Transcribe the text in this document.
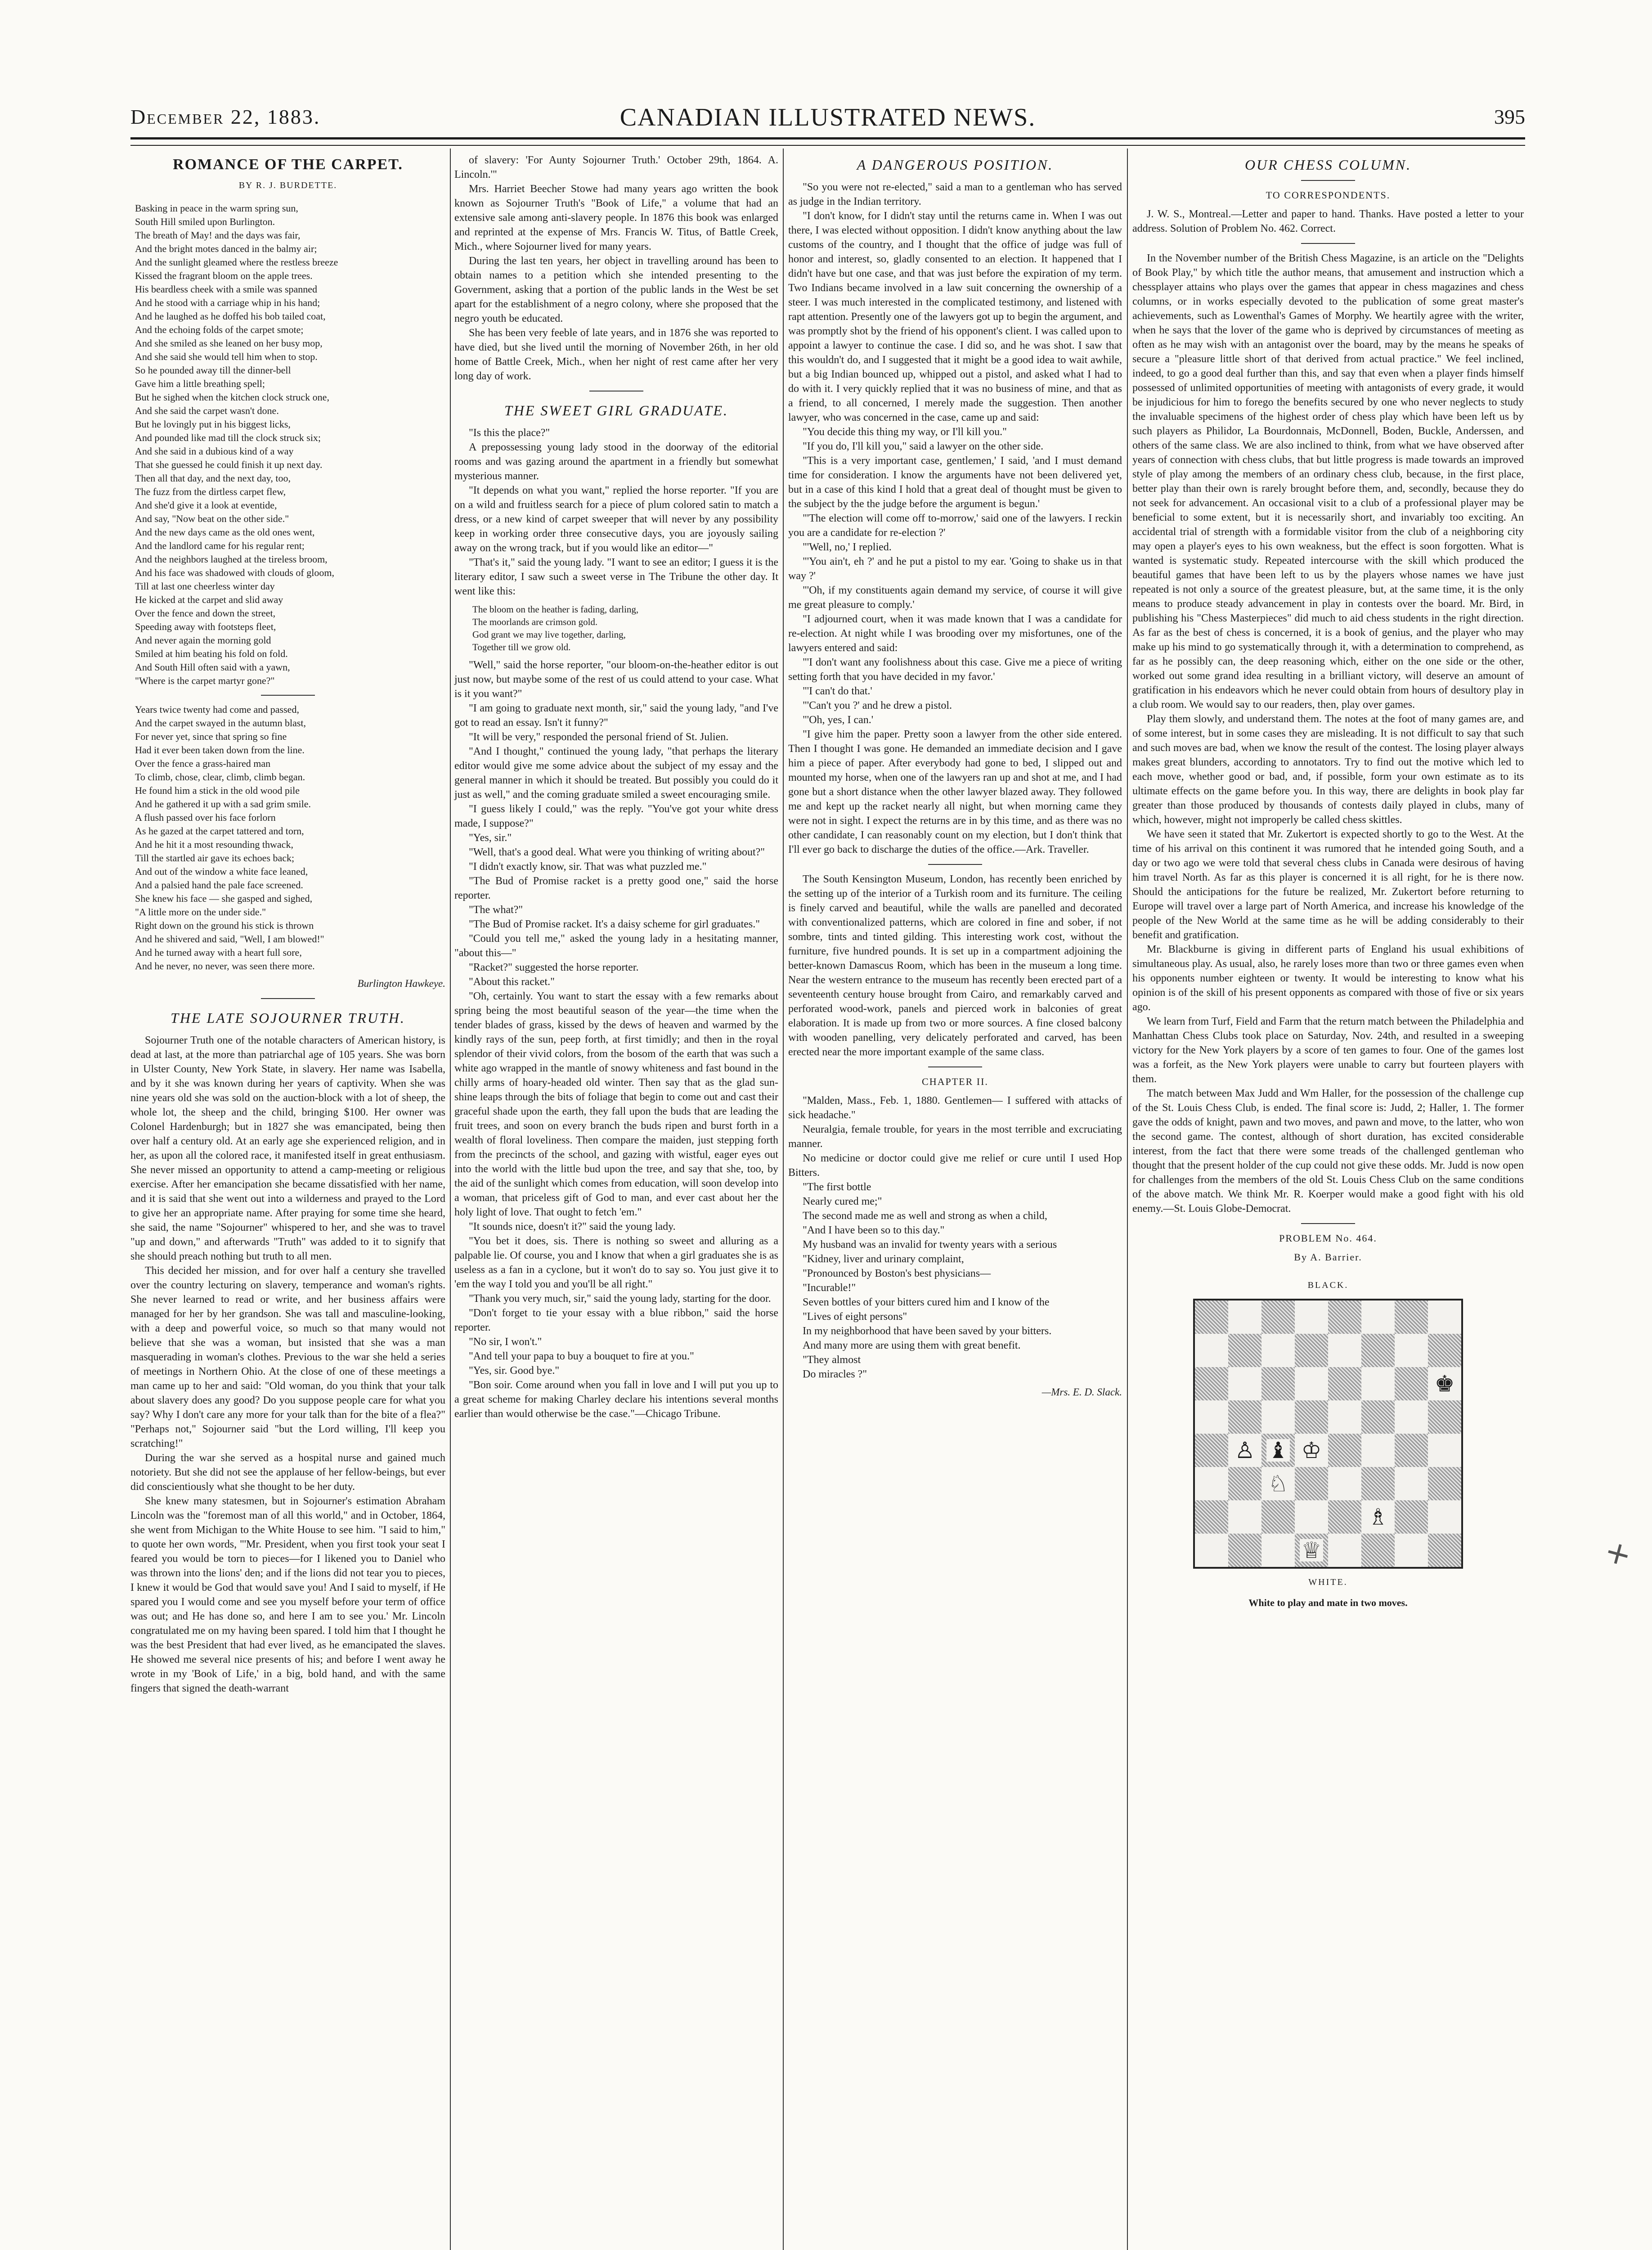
December 22, 1883.	CANADIAN ILLUSTRATED NEWS.	395
ROMANCE OF THE CARPET.
BY R. J. BURDETTE.
Basking in peace in the warm spring sun,
South Hill smiled upon Burlington.
The breath of May! and the days was fair,
And the bright motes danced in the balmy air;
And the sunlight gleamed where the restless breeze
Kissed the fragrant bloom on the apple trees.
His beardless cheek with a smile was spanned
And he stood with a carriage whip in his hand;
And he laughed as he doffed his bob tailed coat,
And the echoing folds of the carpet smote;
And she smiled as she leaned on her busy mop,
And she said she would tell him when to stop.
So he pounded away till the dinner-bell
Gave him a little breathing spell;
But he sighed when the kitchen clock struck one,
And she said the carpet wasn't done.
But he lovingly put in his biggest licks,
And pounded like mad till the clock struck six;
And she said in a dubious kind of a way
That she guessed he could finish it up next day.
Then all that day, and the next day, too,
The fuzz from the dirtless carpet flew,
And she'd give it a look at eventide,
And say, "Now beat on the other side."
And the new days came as the old ones went,
And the landlord came for his regular rent;
And the neighbors laughed at the tireless broom,
And his face was shadowed with clouds of gloom,
Till at last one cheerless winter day
He kicked at the carpet and slid away
Over the fence and down the street,
Speeding away with footsteps fleet,
And never again the morning gold
Smiled at him beating his fold on fold.
And South Hill often said with a yawn,
"Where is the carpet martyr gone?"
Years twice twenty had come and passed,
And the carpet swayed in the autumn blast,
For never yet, since that spring so fine
Had it ever been taken down from the line.
Over the fence a grass-haired man
To climb, chose, clear, climb, climb began.
He found him a stick in the old wood pile
And he gathered it up with a sad grim smile.
A flush passed over his face forlorn
As he gazed at the carpet tattered and torn,
And he hit it a most resounding thwack,
Till the startled air gave its echoes back;
And out of the window a white face leaned,
And a palsied hand the pale face screened.
She knew his face — she gasped and sighed,
"A little more on the under side."
Right down on the ground his stick is thrown
And he shivered and said, "Well, I am blowed!"
And he turned away with a heart full sore,
And he never, no never, was seen there more.
Burlington Hawkeye.
THE LATE SOJOURNER TRUTH.

Sojourner Truth one of the notable characters of American history, is dead at last, at the more than patriarchal age of 105 years. She was born in Ulster County, New York State, in slavery. Her name was Isabella, and by it she was known during her years of captivity. When she was nine years old she was sold on the auction-block with a lot of sheep, the whole lot, the sheep and the child, bringing $100. Her owner was Colonel Hardenburgh; but in 1827 she was emancipated, being then over half a century old. At an early age she experienced religion, and in her, as upon all the colored race, it manifested itself in great enthusiasm. She never missed an opportunity to attend a camp-meeting or religious exercise. After her emancipation she became dissatisfied with her name, and it is said that she went out into a wilderness and prayed to the Lord to give her an appropriate name. After praying for some time she heard, she said, the name "Sojourner" whispered to her, and she was to travel "up and down," and afterwards "Truth" was added to it to signify that she should preach nothing but truth to all men.

This decided her mission, and for over half a century she travelled over the country lecturing on slavery, temperance and woman's rights. She never learned to read or write, and her business affairs were managed for her by her grandson. She was tall and masculine-looking, with a deep and powerful voice, so much so that many would not believe that she was a woman, but insisted that she was a man masquerading in woman's clothes. Previous to the war she held a series of meetings in Northern Ohio. At the close of one of these meetings a man came up to her and said: "Old woman, do you think that your talk about slavery does any good? Do you suppose people care for what you say? Why I don't care any more for your talk than for the bite of a flea?" "Perhaps not," Sojourner said "but the Lord willing, I'll keep you scratching!"

During the war she served as a hospital nurse and gained much notoriety. But she did not see the applause of her fellow-beings, but ever did conscientiously what she thought to be her duty.

She knew many statesmen, but in Sojourner's estimation Abraham Lincoln was the "foremost man of all this world," and in October, 1864, she went from Michigan to the White House to see him. "I said to him," to quote her own words, "'Mr. President, when you first took your seat I feared you would be torn to pieces—for I likened you to Daniel who was thrown into the lions' den; and if the lions did not tear you to pieces, I knew it would be God that would save you! And I said to myself, if He spared you I would come and see you myself before your term of office was out; and He has done so, and here I am to see you.' Mr. Lincoln congratulated me on my having been spared. I told him that I thought he was the best President that had ever lived, as he emancipated the slaves. He showed me several nice presents of his; and before I went away he wrote in my 'Book of Life,' in a big, bold hand, and with the same fingers that signed the death-warrant

of slavery: 'For Aunty Sojourner Truth.' October 29th, 1864. A. Lincoln.'"

Mrs. Harriet Beecher Stowe had many years ago written the book known as Sojourner Truth's "Book of Life," a volume that had an extensive sale among anti-slavery people. In 1876 this book was enlarged and reprinted at the expense of Mrs. Francis W. Titus, of Battle Creek, Mich., where Sojourner lived for many years.

During the last ten years, her object in travelling around has been to obtain names to a petition which she intended presenting to the Government, asking that a portion of the public lands in the West be set apart for the establishment of a negro colony, where she proposed that the negro youth be educated.

She has been very feeble of late years, and in 1876 she was reported to have died, but she lived until the morning of November 26th, in her old home of Battle Creek, Mich., when her night of rest came after her very long day of work.

THE SWEET GIRL GRADUATE.

"Is this the place?"

A prepossessing young lady stood in the doorway of the editorial rooms and was gazing around the apartment in a friendly but somewhat mysterious manner.

"It depends on what you want," replied the horse reporter. "If you are on a wild and fruitless search for a piece of plum colored satin to match a dress, or a new kind of carpet sweeper that will never by any possibility keep in working order three consecutive days, you are joyously sailing away on the wrong track, but if you would like an editor—"

"That's it," said the young lady. "I want to see an editor; I guess it is the literary editor, I saw such a sweet verse in The Tribune the other day. It went like this:

The bloom on the heather is fading, darling,
The moorlands are crimson gold.
God grant we may live together, darling,
Together till we grow old.

"Well," said the horse reporter, "our bloom-on-the-heather editor is out just now, but maybe some of the rest of us could attend to your case. What is it you want?"

"I am going to graduate next month, sir," said the young lady, "and I've got to read an essay. Isn't it funny?"

"It will be very," responded the personal friend of St. Julien.

"And I thought," continued the young lady, "that perhaps the literary editor would give me some advice about the subject of my essay and the general manner in which it should be treated. But possibly you could do it just as well," and the coming graduate smiled a sweet encouraging smile.

"I guess likely I could," was the reply. "You've got your white dress made, I suppose?"

"Yes, sir."

"Well, that's a good deal. What were you thinking of writing about?"

"I didn't exactly know, sir. That was what puzzled me."

"The Bud of Promise racket is a pretty good one," said the horse reporter.

"The what?"

"The Bud of Promise racket. It's a daisy scheme for girl graduates."

"Could you tell me," asked the young lady in a hesitating manner, "about this—"

"Racket?" suggested the horse reporter.

"About this racket."

"Oh, certainly. You want to start the essay with a few remarks about spring being the most beautiful season of the year—the time when the tender blades of grass, kissed by the dews of heaven and warmed by the kindly rays of the sun, peep forth, at first timidly; and then in the royal splendor of their vivid colors, from the bosom of the earth that was such a white ago wrapped in the mantle of snowy whiteness and fast bound in the chilly arms of hoary-headed old winter. Then say that as the glad sun-shine leaps through the bits of foliage that begin to come out and cast their graceful shade upon the earth, they fall upon the buds that are leading the fruit trees, and soon on every branch the buds ripen and burst forth in a wealth of floral loveliness. Then compare the maiden, just stepping forth from the precincts of the school, and gazing with wistful, eager eyes out into the world with the little bud upon the tree, and say that she, too, by the aid of the sunlight which comes from education, will soon develop into a woman, that priceless gift of God to man, and ever cast about her the holy light of love. That ought to fetch 'em."

"It sounds nice, doesn't it?" said the young lady.

"You bet it does, sis. There is nothing so sweet and alluring as a palpable lie. Of course, you and I know that when a girl graduates she is as useless as a fan in a cyclone, but it won't do to say so. You just give it to 'em the way I told you and you'll be all right."

"Thank you very much, sir," said the young lady, starting for the door.

"Don't forget to tie your essay with a blue ribbon," said the horse reporter.

"No sir, I won't."

"And tell your papa to buy a bouquet to fire at you."

"Yes, sir. Good bye."

"Bon soir. Come around when you fall in love and I will put you up to a great scheme for making Charley declare his intentions several months earlier than would otherwise be the case."—Chicago Tribune.

A DANGEROUS POSITION.

"So you were not re-elected," said a man to a gentleman who has served as judge in the Indian territory.

"I don't know, for I didn't stay until the returns came in. When I was out there, I was elected without opposition. I didn't know anything about the law customs of the country, and I thought that the office of judge was full of honor and interest, so, gladly consented to an election. It happened that I didn't have but one case, and that was just before the expiration of my term. Two Indians became involved in a law suit concerning the ownership of a steer. I was much interested in the complicated testimony, and listened with rapt attention. Presently one of the lawyers got up to begin the argument, and was promptly shot by the friend of his opponent's client. I was called upon to appoint a lawyer to continue the case. I did so, and he was shot. I saw that this wouldn't do, and I suggested that it might be a good idea to wait awhile, but a big Indian bounced up, whipped out a pistol, and asked what I had to do with it. I very quickly replied that it was no business of mine, and that as a friend, to all concerned, I merely made the suggestion. Then another lawyer, who was concerned in the case, came up and said:

"You decide this thing my way, or I'll kill you."

"If you do, I'll kill you," said a lawyer on the other side.

"This is a very important case, gentlemen,' I said, 'and I must demand time for consideration. I know the arguments have not been delivered yet, but in a case of this kind I hold that a great deal of thought must be given to the subject by the the judge before the argument is begun.'

"'The election will come off to-morrow,' said one of the lawyers. I reckin you are a candidate for re-election ?'

"'Well, no,' I replied.

"'You ain't, eh ?' and he put a pistol to my ear. 'Going to shake us in that way ?'

"'Oh, if my constituents again demand my service, of course it will give me great pleasure to comply.'

"I adjourned court, when it was made known that I was a candidate for re-election. At night while I was brooding over my misfortunes, one of the lawyers entered and said:

"'I don't want any foolishness about this case. Give me a piece of writing setting forth that you have decided in my favor.'

"'I can't do that.'

"'Can't you ?' and he drew a pistol.

"'Oh, yes, I can.'

"I give him the paper. Pretty soon a lawyer from the other side entered. Then I thought I was gone. He demanded an immediate decision and I gave him a piece of paper. After everybody had gone to bed, I slipped out and mounted my horse, when one of the lawyers ran up and shot at me, and I had gone but a short distance when the other lawyer blazed away. They followed me and kept up the racket nearly all night, but when morning came they were not in sight. I expect the returns are in by this time, and as there was no other candidate, I can reasonably count on my election, but I don't think that I'll ever go back to discharge the duties of the office.—Ark. Traveller.

The South Kensington Museum, London, has recently been enriched by the setting up of the interior of a Turkish room and its furniture. The ceiling is finely carved and beautiful, while the walls are panelled and decorated with conventionalized patterns, which are colored in fine and sober, if not sombre, tints and tinted gilding. This interesting work cost, without the furniture, five hundred pounds. It is set up in a compartment adjoining the better-known Damascus Room, which has been in the museum a long time. Near the western entrance to the museum has recently been erected part of a seventeenth century house brought from Cairo, and remarkably carved and perforated wood-work, panels and pierced work in balconies of great elaboration. It is made up from two or more sources. A fine closed balcony with wooden panelling, very delicately perforated and carved, has been erected near the more important example of the same class.

CHAPTER II.

"Malden, Mass., Feb. 1, 1880. Gentlemen— I suffered with attacks of sick headache."

Neuralgia, female trouble, for years in the most terrible and excruciating manner.

No medicine or doctor could give me relief or cure until I used Hop Bitters.

"The first bottle

Nearly cured me;"

The second made me as well and strong as when a child,

"And I have been so to this day."

My husband was an invalid for twenty years with a serious

"Kidney, liver and urinary complaint,

"Pronounced by Boston's best physicians—

"Incurable!"

Seven bottles of your bitters cured him and I know of the

"Lives of eight persons"

In my neighborhood that have been saved by your bitters.

And many more are using them with great benefit.

"They almost

Do miracles ?"

—Mrs. E. D. Slack.
OUR CHESS COLUMN.
TO CORRESPONDENTS.

J. W. S., Montreal.—Letter and paper to hand. Thanks. Have posted a letter to your address. Solution of Problem No. 462. Correct.

In the November number of the British Chess Magazine, is an article on the "Delights of Book Play," by which title the author means, that amusement and instruction which a chessplayer attains who plays over the games that appear in chess magazines and chess columns, or in works especially devoted to the publication of some great master's achievements, such as Lowenthal's Games of Morphy. We heartily agree with the writer, when he says that the lover of the game who is deprived by circumstances of meeting as often as he may wish with an antagonist over the board, may by the means he speaks of secure a "pleasure little short of that derived from actual practice." We feel inclined, indeed, to go a good deal further than this, and say that even when a player finds himself possessed of unlimited opportunities of meeting with antagonists of every grade, it would be injudicious for him to forego the benefits secured by one who never neglects to study the invaluable specimens of the highest order of chess play which have been left us by such players as Philidor, La Bourdonnais, McDonnell, Boden, Buckle, Anderssen, and others of the same class. We are also inclined to think, from what we have observed after years of connection with chess clubs, that but little progress is made towards an improved style of play among the members of an ordinary chess club, because, in the first place, better play than their own is rarely brought before them, and, secondly, because they do not seek for advancement. An occasional visit to a club of a professional player may be beneficial to some extent, but it is necessarily short, and invariably too exciting. An accidental trial of strength with a formidable visitor from the club of a neighboring city may open a player's eyes to his own weakness, but the effect is soon forgotten. What is wanted is systematic study. Repeated intercourse with the skill which produced the beautiful games that have been left to us by the players whose names we have just repeated is not only a source of the greatest pleasure, but, at the same time, it is the only means to produce steady advancement in play in contests over the board. Mr. Bird, in publishing his "Chess Masterpieces" did much to aid chess students in the right direction. As far as the best of chess is concerned, it is a book of genius, and the player who may make up his mind to go systematically through it, with a determination to comprehend, as far as he possibly can, the deep reasoning which, either on the one side or the other, worked out some grand idea resulting in a brilliant victory, will deserve an amount of gratification in his endeavors which he never could obtain from hours of desultory play in a club room. We would say to our readers, then, play over games.

Play them slowly, and understand them. The notes at the foot of many games are, and of some interest, but in some cases they are misleading. It is not difficult to say that such and such moves are bad, when we know the result of the contest. The losing player always makes great blunders, according to annotators. Try to find out the motive which led to each move, whether good or bad, and, if possible, form your own estimate as to its ultimate effects on the game before you. In this way, there are delights in book play far greater than those produced by thousands of contests daily played in clubs, many of which, however, might not improperly be called chess skittles.

We have seen it stated that Mr. Zukertort is expected shortly to go to the West. At the time of his arrival on this continent it was rumored that he intended going South, and a day or two ago we were told that several chess clubs in Canada were desirous of having him travel North. As far as this player is concerned it is all right, for he is there now. Should the anticipations for the future be realized, Mr. Zukertort before returning to Europe will travel over a large part of North America, and increase his knowledge of the people of the New World at the same time as he will be adding considerably to their benefit and gratification.

Mr. Blackburne is giving in different parts of England his usual exhibitions of simultaneous play. As usual, also, he rarely loses more than two or three games even when his opponents number eighteen or twenty. It would be interesting to know what his opinion is of the skill of his present opponents as compared with those of five or six years ago.

We learn from Turf, Field and Farm that the return match between the Philadelphia and Manhattan Chess Clubs took place on Saturday, Nov. 24th, and resulted in a sweeping victory for the New York players by a score of ten games to four. One of the games lost was a forfeit, as the New York players were unable to carry but fourteen players with them.

The match between Max Judd and Wm Haller, for the possession of the challenge cup of the St. Louis Chess Club, is ended. The final score is: Judd, 2; Haller, 1. The former gave the odds of knight, pawn and two moves, and pawn and move, to the latter, who won the second game. The contest, although of short duration, has excited considerable interest, from the fact that there were some treads of the challenged gentleman who thought that the present holder of the cup could not give these odds. Mr. Judd is now open for challenges from the members of the old St. Louis Chess Club on the same conditions of the above match. We think Mr. R. Koerper would make a good fight with his old enemy.—St. Louis Globe-Democrat.

PROBLEM No. 464.
By A. Barrier.
BLACK.
♚
♙ ♝ ♔
♘
♗
♕
WHITE.
White to play and mate in two moves.
✕
